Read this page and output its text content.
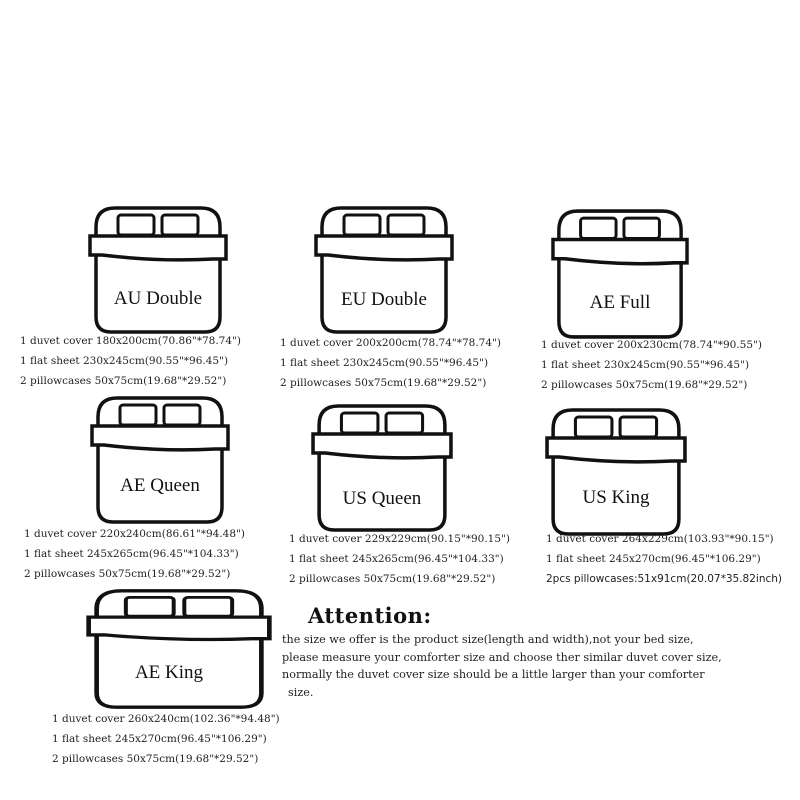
AU Double
1 duvet cover 180x200cm(70.86"*78.74")
1 flat sheet 230x245cm(90.55"*96.45")
2 pillowcases 50x75cm(19.68"*29.52")
EU Double
1 duvet cover 200x200cm(78.74"*78.74")
1 flat sheet 230x245cm(90.55"*96.45")
2 pillowcases 50x75cm(19.68"*29.52")
AE Full
1 duvet cover 200x230cm(78.74"*90.55")
1 flat sheet 230x245cm(90.55"*96.45")
2 pillowcases 50x75cm(19.68"*29.52")
AE Queen
1 duvet cover 220x240cm(86.61"*94.48")
1 flat sheet 245x265cm(96.45"*104.33")
2 pillowcases 50x75cm(19.68"*29.52")
US Queen
1 duvet cover 229x229cm(90.15"*90.15")
1 flat sheet 245x265cm(96.45"*104.33")
2 pillowcases 50x75cm(19.68"*29.52")
US King
1 duvet cover 264x229cm(103.93"*90.15")
1 flat sheet 245x270cm(96.45"*106.29")
2pcs pillowcases:51x91cm(20.07*35.82inch)
AE King
1 duvet cover 260x240cm(102.36"*94.48")
1 flat sheet 245x270cm(96.45"*106.29")
2 pillowcases 50x75cm(19.68"*29.52")
Attention:
the size we offer is the product size(length and width),not your bed size,
please measure your comforter size and choose ther similar duvet cover size,
normally the duvet cover size should be a little larger than your comforter
size.
